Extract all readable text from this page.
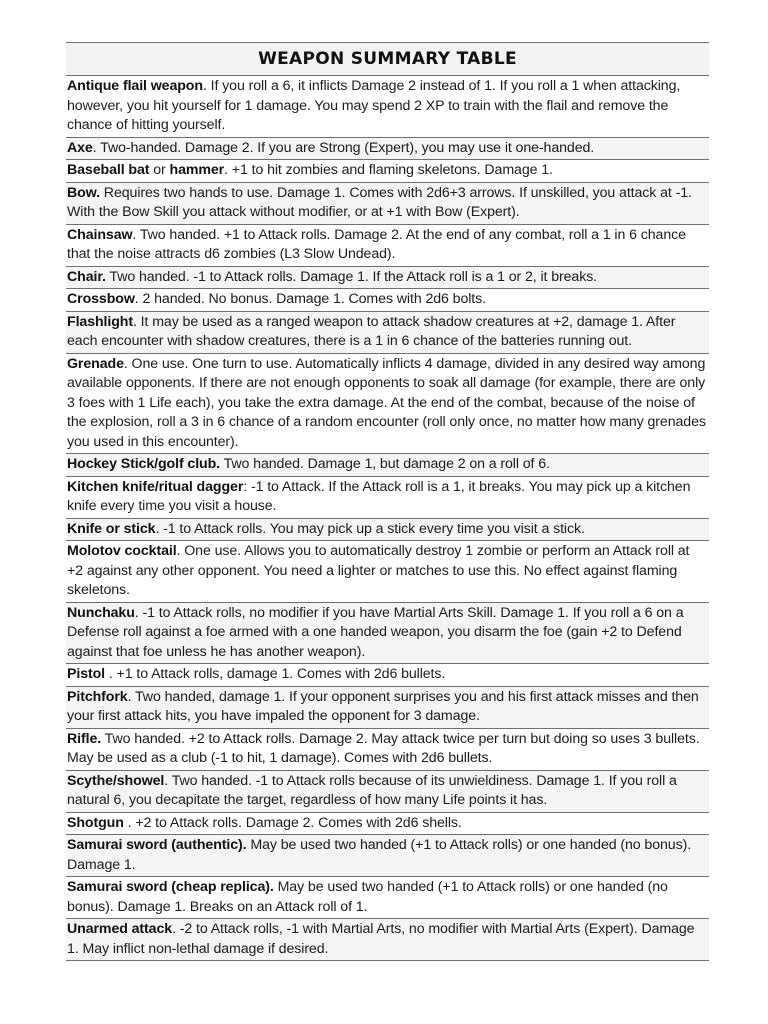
WEAPON SUMMARY TABLE
Antique flail weapon. If you roll a 6, it inflicts Damage 2 instead of 1. If you roll a 1 when attacking, however, you hit yourself for 1 damage. You may spend 2 XP to train with the flail and remove the chance of hitting yourself.
Axe. Two-handed. Damage 2. If you are Strong (Expert), you may use it one-handed.
Baseball bat or hammer. +1 to hit zombies and flaming skeletons. Damage 1.
Bow. Requires two hands to use. Damage 1. Comes with 2d6+3 arrows. If unskilled, you attack at -1. With the Bow Skill you attack without modifier, or at +1 with Bow (Expert).
Chainsaw. Two handed. +1 to Attack rolls. Damage 2. At the end of any combat, roll a 1 in 6 chance that the noise attracts d6 zombies (L3 Slow Undead).
Chair. Two handed. -1 to Attack rolls. Damage 1. If the Attack roll is a 1 or 2, it breaks.
Crossbow. 2 handed. No bonus. Damage 1. Comes with 2d6 bolts.
Flashlight. It may be used as a ranged weapon to attack shadow creatures at +2, damage 1. After each encounter with shadow creatures, there is a 1 in 6 chance of the batteries running out.
Grenade. One use. One turn to use. Automatically inflicts 4 damage, divided in any desired way among available opponents. If there are not enough opponents to soak all damage (for example, there are only 3 foes with 1 Life each), you take the extra damage. At the end of the combat, because of the noise of the explosion, roll a 3 in 6 chance of a random encounter (roll only once, no matter how many grenades you used in this encounter).
Hockey Stick/golf club. Two handed. Damage 1, but damage 2 on a roll of 6.
Kitchen knife/ritual dagger: -1 to Attack. If the Attack roll is a 1, it breaks. You may pick up a kitchen knife every time you visit a house.
Knife or stick. -1 to Attack rolls. You may pick up a stick every time you visit a stick.
Molotov cocktail. One use. Allows you to automatically destroy 1 zombie or perform an Attack roll at +2 against any other opponent. You need a lighter or matches to use this. No effect against flaming skeletons.
Nunchaku. -1 to Attack rolls, no modifier if you have Martial Arts Skill. Damage 1. If you roll a 6 on a Defense roll against a foe armed with a one handed weapon, you disarm the foe (gain +2 to Defend against that foe unless he has another weapon).
Pistol . +1 to Attack rolls, damage 1. Comes with 2d6 bullets.
Pitchfork. Two handed, damage 1. If your opponent surprises you and his first attack misses and then your first attack hits, you have impaled the opponent for 3 damage.
Rifle. Two handed. +2 to Attack rolls. Damage 2. May attack twice per turn but doing so uses 3 bullets. May be used as a club (-1 to hit, 1 damage). Comes with 2d6 bullets.
Scythe/showel. Two handed. -1 to Attack rolls because of its unwieldiness. Damage 1. If you roll a natural 6, you decapitate the target, regardless of how many Life points it has.
Shotgun . +2 to Attack rolls. Damage 2. Comes with 2d6 shells.
Samurai sword (authentic). May be used two handed (+1 to Attack rolls) or one handed (no bonus). Damage 1.
Samurai sword (cheap replica). May be used two handed (+1 to Attack rolls) or one handed (no bonus). Damage 1. Breaks on an Attack roll of 1.
Unarmed attack. -2 to Attack rolls, -1 with Martial Arts, no modifier with Martial Arts (Expert). Damage 1. May inflict non-lethal damage if desired.
